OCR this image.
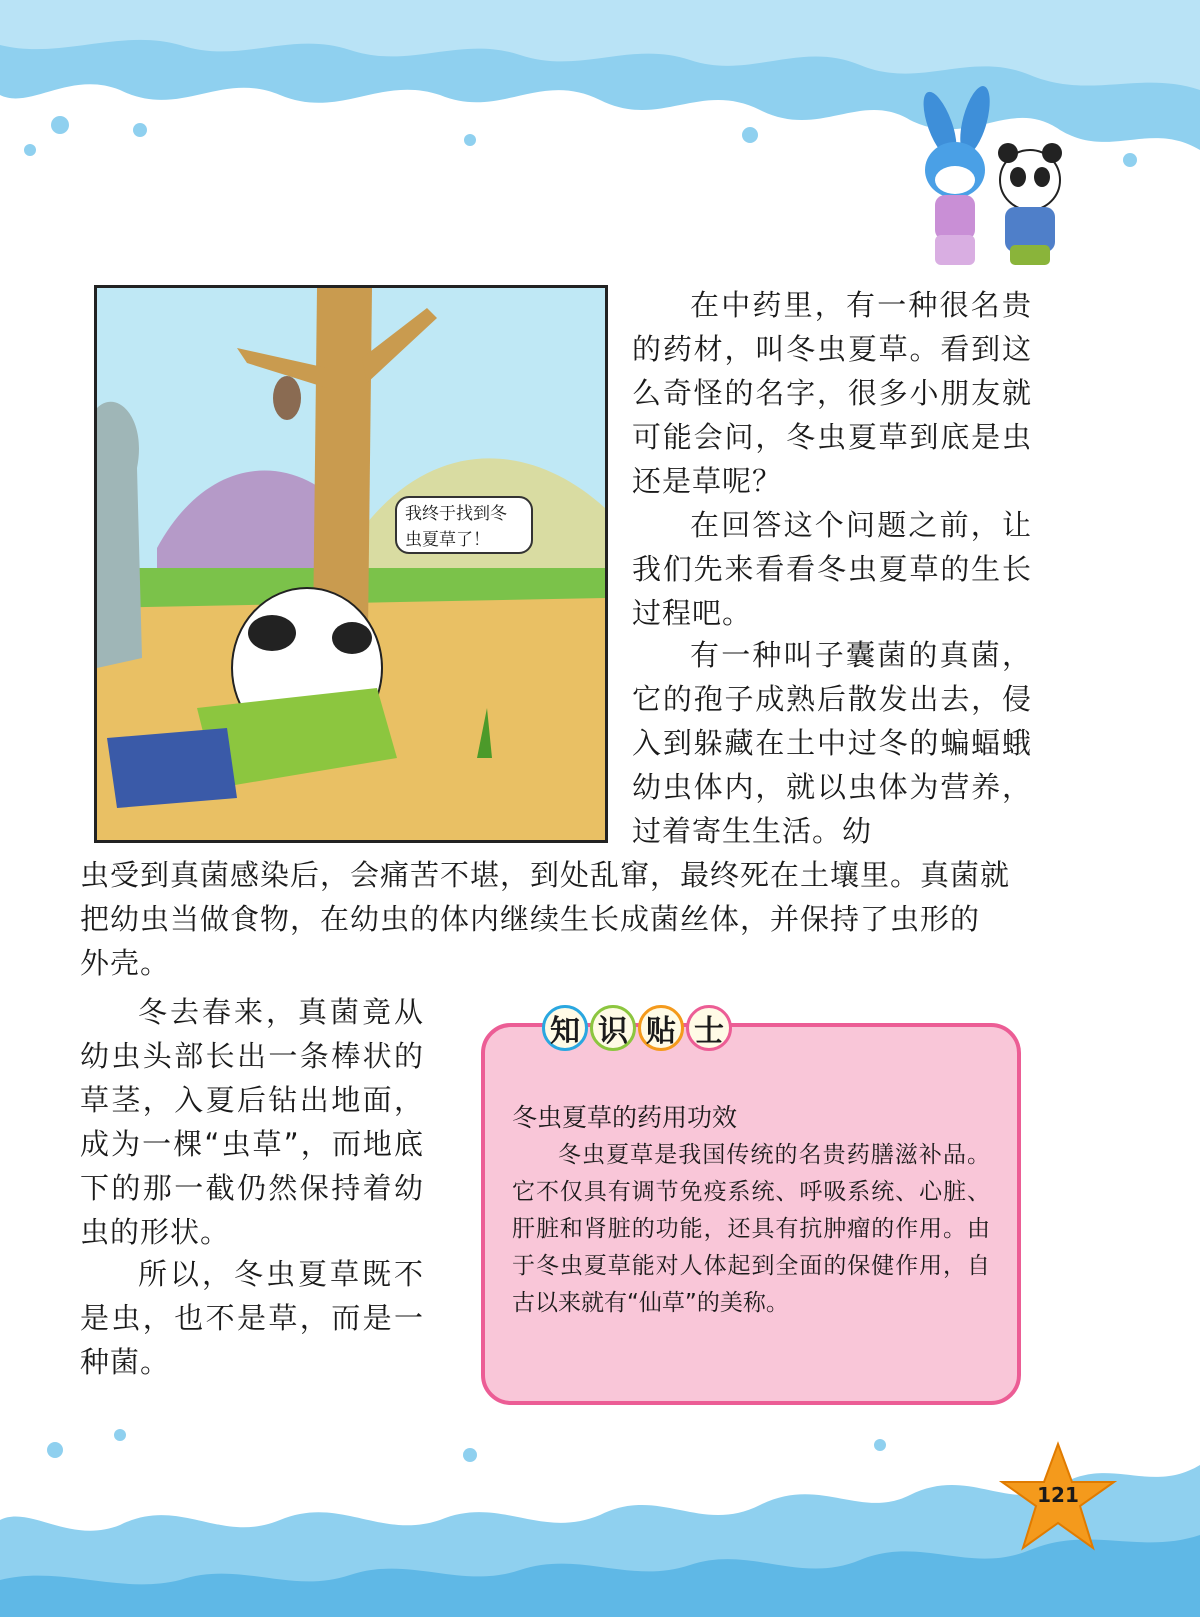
我终于找到冬虫夏草了！

在中药里，有一种很名贵的药材，叫冬虫夏草。看到这么奇怪的名字，很多小朋友就可能会问，冬虫夏草到底是虫还是草呢？

在回答这个问题之前，让我们先来看看冬虫夏草的生长过程吧。

有一种叫子囊菌的真菌，它的孢子成熟后散发出去，侵入到躲藏在土中过冬的蝙蝠蛾幼虫体内，就以虫体为营养，过着寄生生活。幼

虫受到真菌感染后，会痛苦不堪，到处乱窜，最终死在土壤里。真菌就

把幼虫当做食物，在幼虫的体内继续生长成菌丝体，并保持了虫形的

外壳。

冬去春来，真菌竟从幼虫头部长出一条棒状的草茎，入夏后钻出地面，成为一棵“虫草”，而地底下的那一截仍然保持着幼虫的形状。

所以，冬虫夏草既不是虫，也不是草，而是一种菌。

知 识 贴 士

冬虫夏草的药用功效

冬虫夏草是我国传统的名贵药膳滋补品。它不仅具有调节免疫系统、呼吸系统、心脏、肝脏和肾脏的功能，还具有抗肿瘤的作用。由于冬虫夏草能对人体起到全面的保健作用，自古以来就有“仙草”的美称。

121
